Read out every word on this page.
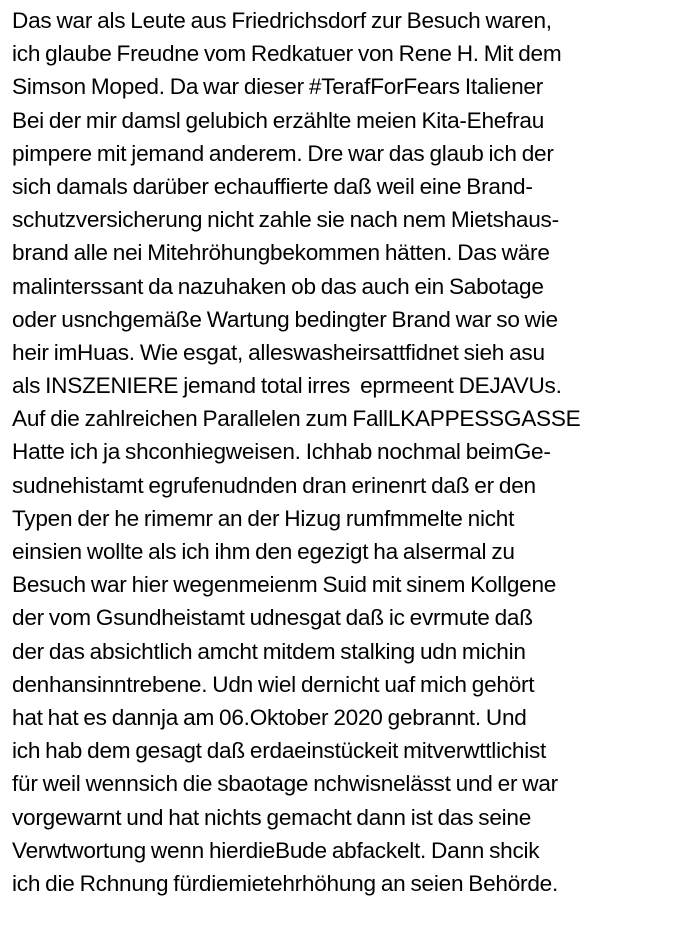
Das war als Leute aus Friedrichsdorf zur Besuch waren,
ich glaube Freudne vom Redkatuer von Rene H. Mit dem
Simson Moped. Da war dieser #TerafForFears Italiener
Bei der mir damsl gelubich erzählte meien Kita-Ehefrau
pimpere mit jemand anderem. Dre war das glaub ich der
sich damals darüber echauffierte daß weil eine Brand-
schutzversicherung nicht zahle sie nach nem Mietshaus-
brand alle nei Mitehröhungbekommen hätten. Das wäre
malinterssant da nazuhaken ob das auch ein Sabotage
oder usnchgemäße Wartung bedingter Brand war so wie
heir imHuas. Wie esgat, alleswasheirsattfidnet sieh asu
als INSZENIERE jemand total irres  eprmeent DEJAVUs.
Auf die zahlreichen Parallelen zum FallLKAPPESSGASSE
Hatte ich ja shconhiegweisen. Ichhab nochmal beimGe-
sudnehistamt egrufenudnden dran erinenrt daß er den
Typen der he rimemr an der Hizug rumfmmelte nicht
einsien wollte als ich ihm den egezigt ha alsermal zu
Besuch war hier wegenmeienm Suid mit sinem Kollgene
der vom Gsundheistamt udnesgat daß ic evrmute daß
der das absichtlich amcht mitdem stalking udn michin
denhansinntrebene. Udn wiel dernicht uaf mich gehört
hat hat es dannja am 06.Oktober 2020 gebrannt. Und
ich hab dem gesagt daß erdaeinstückeit mitverwttlichist
für weil wennsich die sbaotage nchwisnelässt und er war
vorgewarnt und hat nichts gemacht dann ist das seine
Verwtwortung wenn hierdieBude abfackelt. Dann shcik
ich die Rchnung fürdiemietehrhöhung an seien Behörde.
